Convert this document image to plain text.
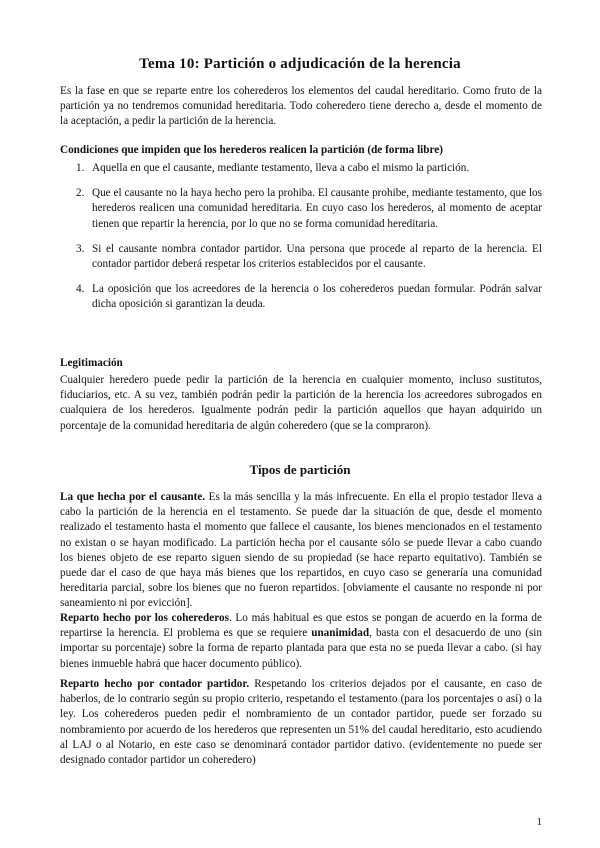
Tema 10: Partición o adjudicación de la herencia

Es la fase en que se reparte entre los coherederos los elementos del caudal hereditario. Como fruto de la partición ya no tendremos comunidad hereditaria. Todo coheredero tiene derecho a, desde el momento de la aceptación, a pedir la partición de la herencia.

Condiciones que impiden que los herederos realicen la partición (de forma libre)

1. Aquella en que el causante, mediante testamento, lleva a cabo el mismo la partición.
2. Que el causante no la haya hecho pero la prohiba. El causante prohibe, mediante testamento, que los herederos realicen una comunidad hereditaria. En cuyo caso los herederos, al momento de aceptar tienen que repartir la herencia, por lo que no se forma comunidad hereditaria.
3. Si el causante nombra contador partidor. Una persona que procede al reparto de la herencia. El contador partidor deberá respetar los criterios establecidos por el causante.
4. La oposición que los acreedores de la herencia o los coherederos puedan formular. Podrán salvar dicha oposición si garantizan la deuda.

Legitimación

Cualquier heredero puede pedir la partición de la herencia en cualquier momento, incluso sustitutos, fiduciarios, etc. A su vez, también podrán pedir la partición de la herencia los acreedores subrogados en cualquiera de los herederos. Igualmente podrán pedir la partición aquellos que hayan adquirido un porcentaje de la comunidad hereditaria de algún coheredero (que se la compraron).

Tipos de partición

La que hecha por el causante. Es la más sencilla y la más infrecuente. En ella el propio testador lleva a cabo la partición de la herencia en el testamento. Se puede dar la situación de que, desde el momento realizado el testamento hasta el momento que fallece el causante, los bienes mencionados en el testamento no existan o se hayan modificado. La partición hecha por el causante sólo se puede llevar a cabo cuando los bienes objeto de ese reparto siguen siendo de su propiedad (se hace reparto equitativo). También se puede dar el caso de que haya más bienes que los repartidos, en cuyo caso se generaría una comunidad hereditaria parcial, sobre los bienes que no fueron repartidos. [obviamente el causante no responde ni por saneamiento ni por evicción].

Reparto hecho por los coherederos. Lo más habitual es que estos se pongan de acuerdo en la forma de repartirse la herencia. El problema es que se requiere unanimidad, basta con el desacuerdo de uno (sin importar su porcentaje) sobre la forma de reparto plantada para que esta no se pueda llevar a cabo. (si hay bienes inmueble habrá que hacer documento público).

Reparto hecho por contador partidor. Respetando los criterios dejados por el causante, en caso de haberlos, de lo contrario según su propio criterio, respetando el testamento (para los porcentajes o así) o la ley. Los coherederos pueden pedir el nombramiento de un contador partidor, puede ser forzado su nombramiento por acuerdo de los herederos que representen un 51% del caudal hereditario, esto acudiendo al LAJ o al Notario, en este caso se denominará contador partidor dativo. (evidentemente no puede ser designado contador partidor un coheredero)

1
